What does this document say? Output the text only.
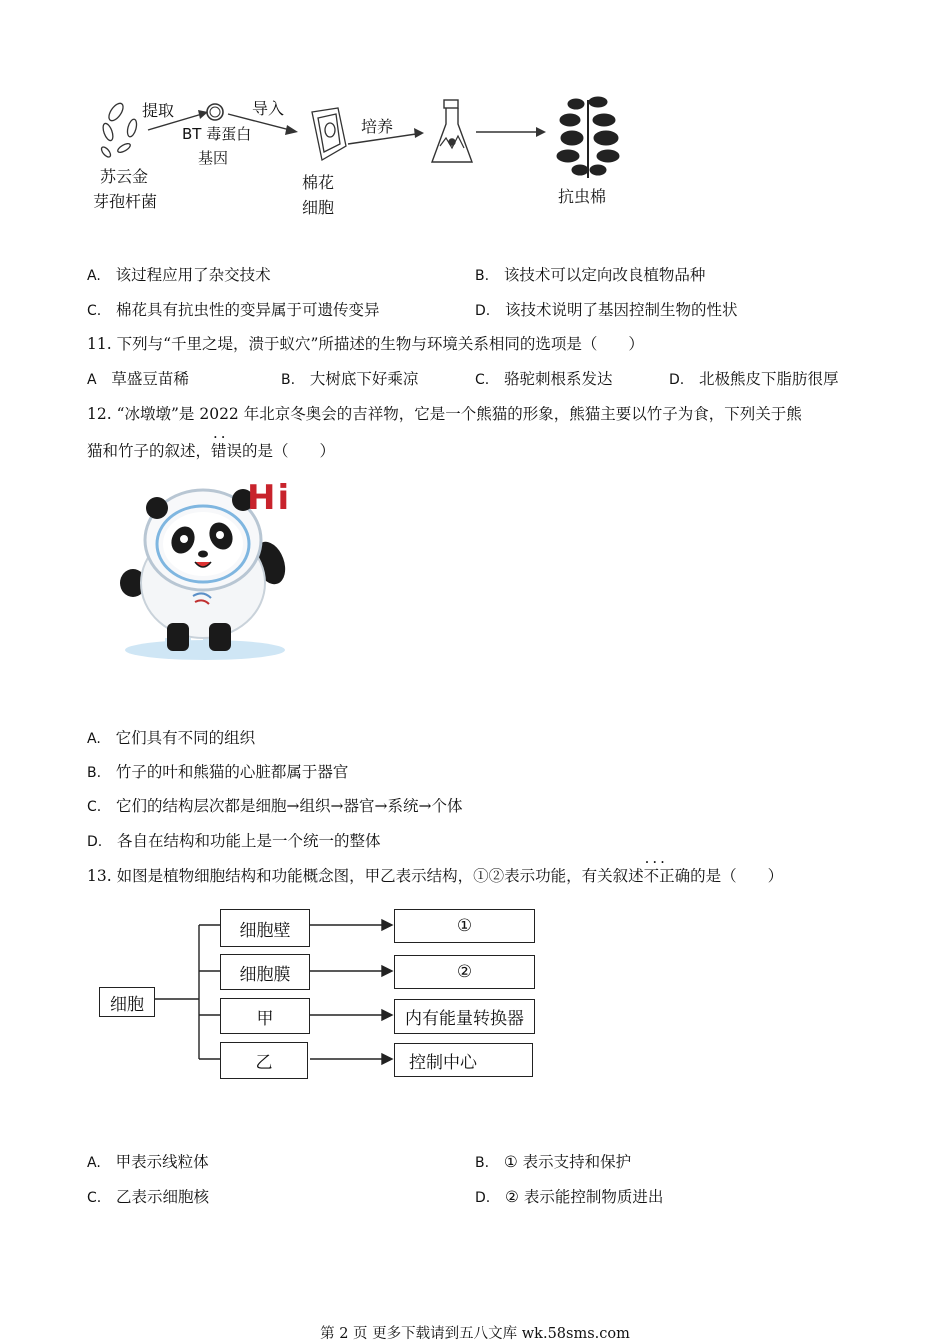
苏云金
芽孢杆菌
提取
BT 毒蛋白
基因
导入
棉花
细胞
培养
抗虫棉
A. 该过程应用了杂交技术	B. 该技术可以定向改良植物品种
C. 棉花具有抗虫性的变异属于可遗传变异	D. 该技术说明了基因控制生物的性状
11. 下列与“千里之堤，溃于蚁穴”所描述的生物与环境关系相同的选项是（　　）
A 草盛豆苗稀	B. 大树底下好乘凉	C. 骆驼刺根系发达	D. 北极熊皮下脂肪很厚
12. “冰墩墩”是 2022 年北京冬奥会的吉祥物，它是一个熊猫的形象，熊猫主要以竹子为食，下列关于熊
猫和竹子的叙述，·· 错误的是（　　）
Hi
A. 它们具有不同的组织
B. 竹子的叶和熊猫的心脏都属于器官
C. 它们的结构层次都是细胞→组织→器官→系统→个体
D. 各自在结构和功能上是一个统一的整体
13. 如图是植物细胞结构和功能概念图，甲乙表示结构，①②表示功能，有关叙述··· 不正确的是（　　）
细胞
细胞壁
细胞膜
甲
乙
①
②
内有能量转换器
控制中心
A. 甲表示线粒体	B. ① 表示支持和保护
C. 乙表示细胞核	D. ② 表示能控制物质进出
第 2 页 更多下载请到五八文库 wk.58sms.com
